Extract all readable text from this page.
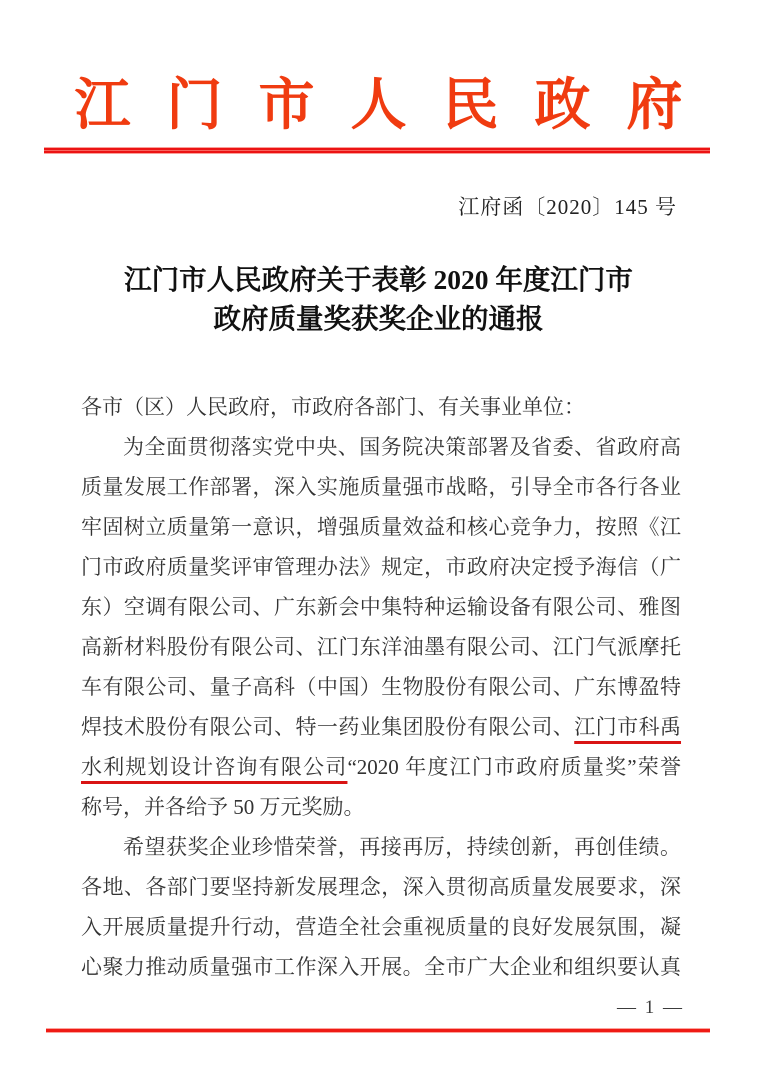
江门市人民政府
江府函〔2020〕145 号
江门市人民政府关于表彰 2020 年度江门市
政府质量奖获奖企业的通报
各市（区）人民政府，市政府各部门、有关事业单位：
为全面贯彻落实党中央、国务院决策部署及省委、省政府高
质量发展工作部署，深入实施质量强市战略，引导全市各行各业
牢固树立质量第一意识，增强质量效益和核心竞争力，按照《江
门市政府质量奖评审管理办法》规定，市政府决定授予海信（广
东）空调有限公司、广东新会中集特种运输设备有限公司、雅图
高新材料股份有限公司、江门东洋油墨有限公司、江门气派摩托
车有限公司、量子高科（中国）生物股份有限公司、广东博盈特
焊技术股份有限公司、特一药业集团股份有限公司、江门市科禹
水利规划设计咨询有限公司“2020 年度江门市政府质量奖”荣誉
称号，并各给予 50 万元奖励。
希望获奖企业珍惜荣誉，再接再厉，持续创新，再创佳绩。
各地、各部门要坚持新发展理念，深入贯彻高质量发展要求，深
入开展质量提升行动，营造全社会重视质量的良好发展氛围，凝
心聚力推动质量强市工作深入开展。全市广大企业和组织要认真
— 1 —
